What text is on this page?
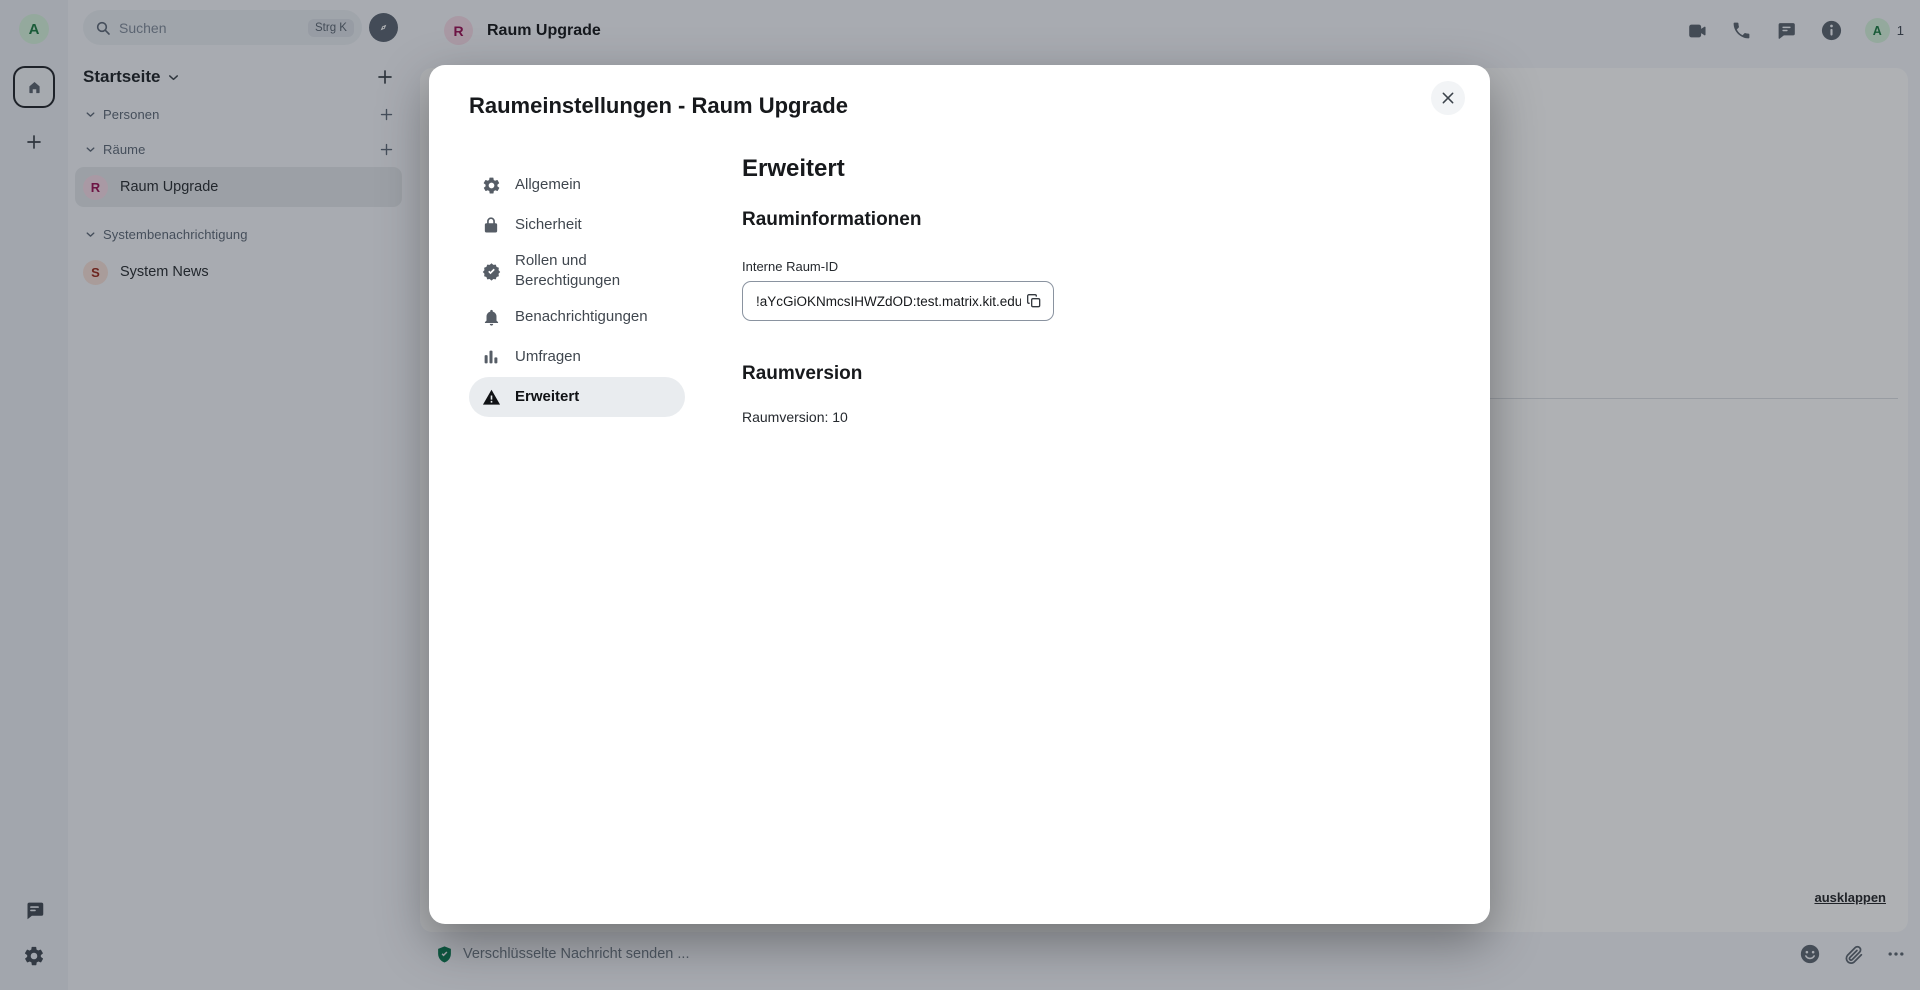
A
Suchen	Strg K
Startseite
Personen
Räume
R Raum Upgrade
Systembenachrichtigung
S System News
R Raum Upgrade	A 1
ausklappen
Verschlüsselte Nachricht senden ...
Raumeinstellungen - Raum Upgrade
Allgemein
Sicherheit
Rollen und Berechtigungen
Benachrichtigungen
Umfragen
Erweitert
Erweitert
Rauminformationen
Interne Raum-ID
!aYcGiOKNmcsIHWZdOD:test.matrix.kit.edu
Raumversion
Raumversion: 10
